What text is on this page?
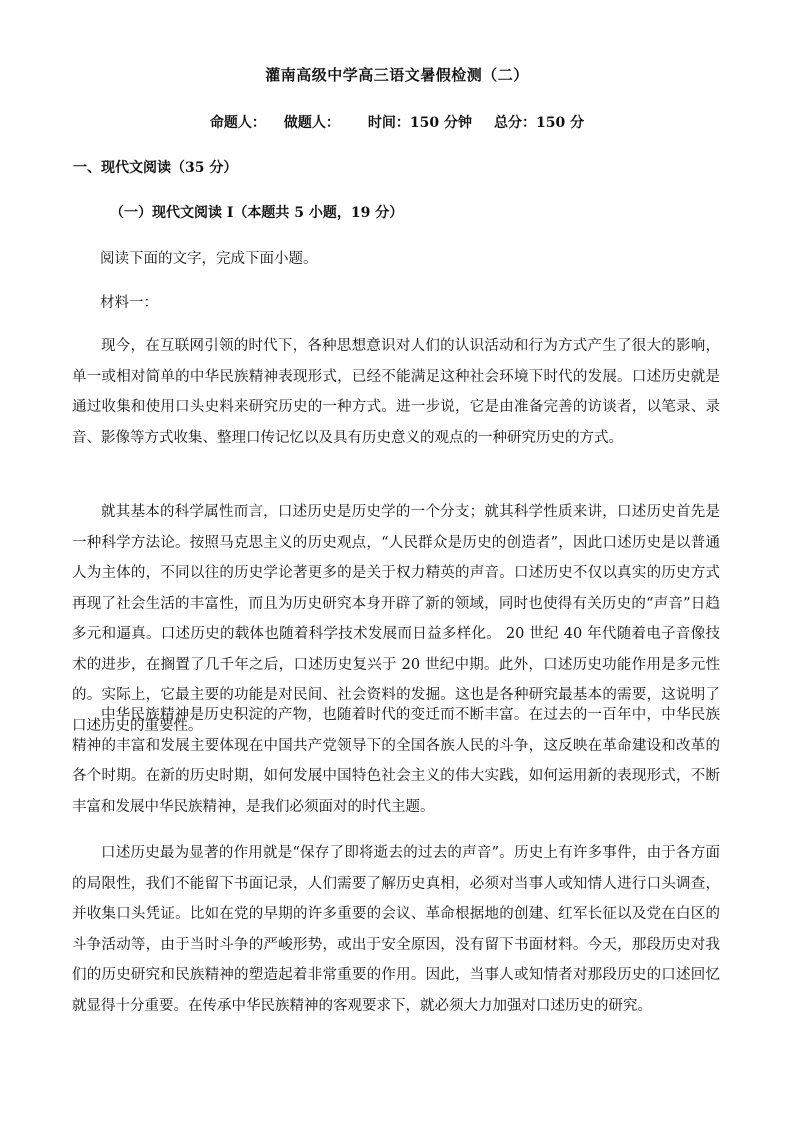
灌南高级中学高三语文暑假检测（二）
命题人： 做题人： 时间：150 分钟 总分：150 分
一、现代文阅读（35 分）
（一）现代文阅读 I（本题共 5 小题，19 分）
阅读下面的文字，完成下面小题。
材料一：

现今，在互联网引领的时代下，各种思想意识对人们的认识活动和行为方式产生了很大的影响，单一或相对简单的中华民族精神表现形式，已经不能满足这种社会环境下时代的发展。口述历史就是通过收集和使用口头史料来研究历史的一种方式。进一步说，它是由准备完善的访谈者，以笔录、录音、影像等方式收集、整理口传记忆以及具有历史意义的观点的一种研究历史的方式。

就其基本的科学属性而言，口述历史是历史学的一个分支；就其科学性质来讲，口述历史首先是一种科学方法论。按照马克思主义的历史观点，“人民群众是历史的创造者”，因此口述历史是以普通人为主体的，不同以往的历史学论著更多的是关于权力精英的声音。口述历史不仅以真实的历史方式再现了社会生活的丰富性，而且为历史研究本身开辟了新的领域，同时也使得有关历史的“声音”日趋多元和逼真。口述历史的载体也随着科学技术发展而日益多样化。 20 世纪 40 年代随着电子音像技术的进步，在搁置了几千年之后，口述历史复兴于 20 世纪中期。此外，口述历史功能作用是多元性的。实际上，它最主要的功能是对民间、社会资料的发掘。这也是各种研究最基本的需要，这说明了口述历史的重要性。

中华民族精神是历史积淀的产物，也随着时代的变迁而不断丰富。在过去的一百年中，中华民族精神的丰富和发展主要体现在中国共产党领导下的全国各族人民的斗争，这反映在革命建设和改革的各个时期。在新的历史时期，如何发展中国特色社会主义的伟大实践，如何运用新的表现形式，不断丰富和发展中华民族精神，是我们必须面对的时代主题。

口述历史最为显著的作用就是“保存了即将逝去的过去的声音”。历史上有许多事件，由于各方面的局限性，我们不能留下书面记录，人们需要了解历史真相，必须对当事人或知情人进行口头调查，并收集口头凭证。比如在党的早期的许多重要的会议、革命根据地的创建、红军长征以及党在白区的斗争活动等，由于当时斗争的严峻形势，或出于安全原因，没有留下书面材料。今天，那段历史对我们的历史研究和民族精神的塑造起着非常重要的作用。因此，当事人或知情者对那段历史的口述回忆就显得十分重要。在传承中华民族精神的客观要求下，就必须大力加强对口述历史的研究。
